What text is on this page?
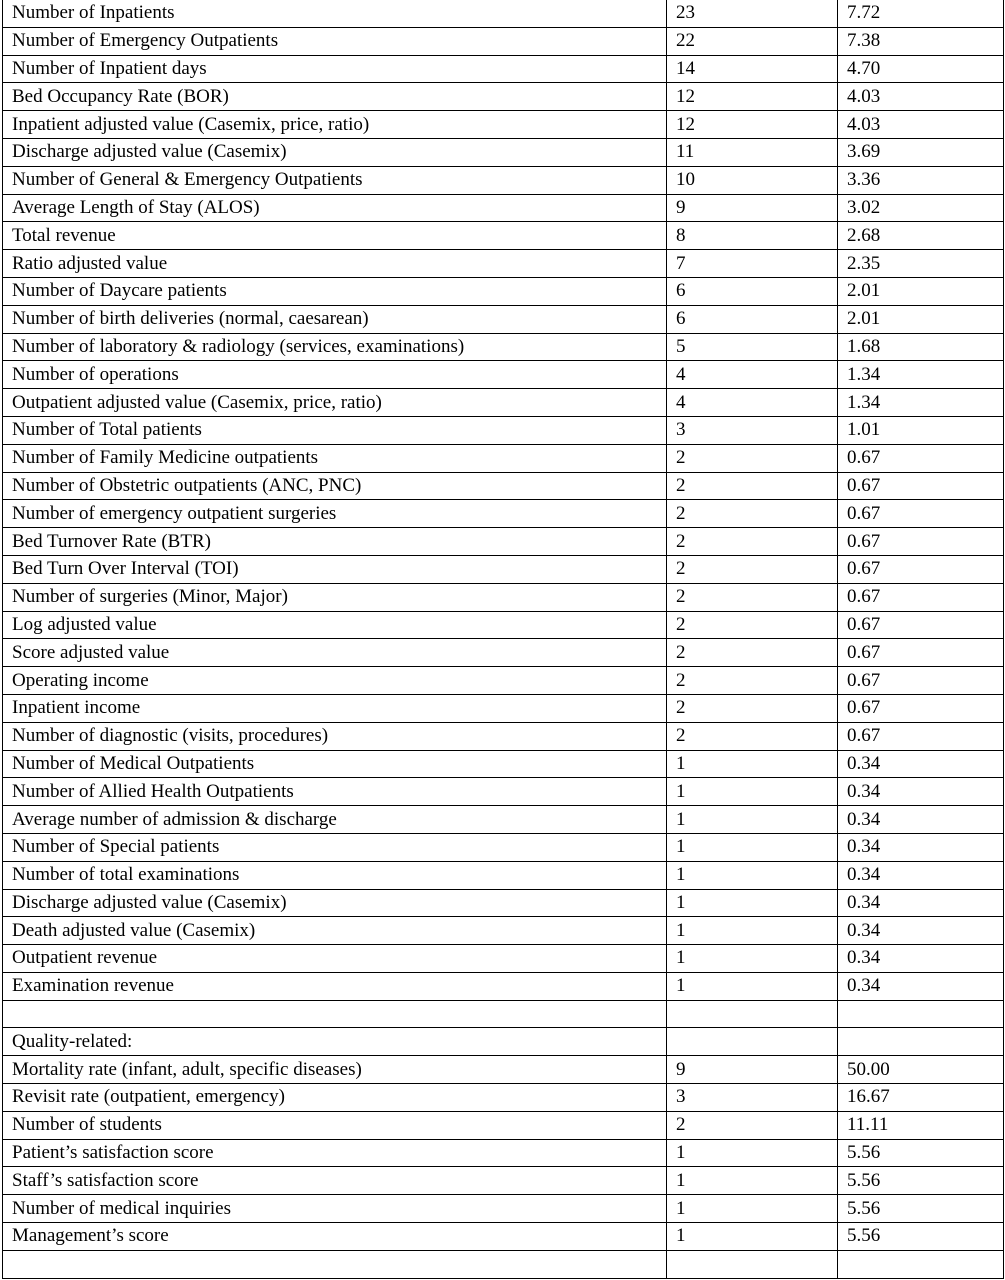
Number of Inpatients	23	7.72
Number of Emergency Outpatients	22	7.38
Number of Inpatient days	14	4.70
Bed Occupancy Rate (BOR)	12	4.03
Inpatient adjusted value (Casemix, price, ratio)	12	4.03
Discharge adjusted value (Casemix)	11	3.69
Number of General & Emergency Outpatients	10	3.36
Average Length of Stay (ALOS)	9	3.02
Total revenue	8	2.68
Ratio adjusted value	7	2.35
Number of Daycare patients	6	2.01
Number of birth deliveries (normal, caesarean)	6	2.01
Number of laboratory & radiology (services, examinations)	5	1.68
Number of operations	4	1.34
Outpatient adjusted value (Casemix, price, ratio)	4	1.34
Number of Total patients	3	1.01
Number of Family Medicine outpatients	2	0.67
Number of Obstetric outpatients (ANC, PNC)	2	0.67
Number of emergency outpatient surgeries	2	0.67
Bed Turnover Rate (BTR)	2	0.67
Bed Turn Over Interval (TOI)	2	0.67
Number of surgeries (Minor, Major)	2	0.67
Log adjusted value	2	0.67
Score adjusted value	2	0.67
Operating income	2	0.67
Inpatient income	2	0.67
Number of diagnostic (visits, procedures)	2	0.67
Number of Medical Outpatients	1	0.34
Number of Allied Health Outpatients	1	0.34
Average number of admission & discharge	1	0.34
Number of Special patients	1	0.34
Number of total examinations	1	0.34
Discharge adjusted value (Casemix)	1	0.34
Death adjusted value (Casemix)	1	0.34
Outpatient revenue	1	0.34
Examination revenue	1	0.34

Quality-related:		
Mortality rate (infant, adult, specific diseases)	9	50.00
Revisit rate (outpatient, emergency)	3	16.67
Number of students	2	11.11
Patient’s satisfaction score	1	5.56
Staff’s satisfaction score	1	5.56
Number of medical inquiries	1	5.56
Management’s score	1	5.56
